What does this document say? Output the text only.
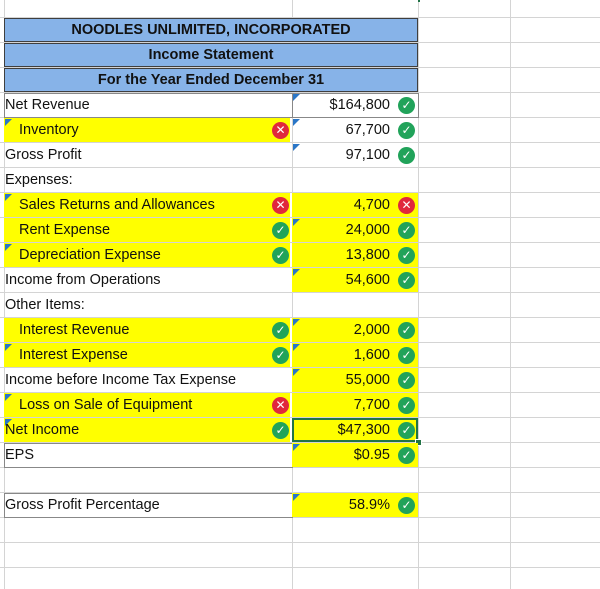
NOODLES UNLIMITED, INCORPORATED
Income Statement
For the Year Ended December 31
Net Revenue	$164,800 ✓
Inventory	✕	67,700 ✓
Gross Profit	97,100 ✓
Expenses:
Sales Returns and Allowances	✕	4,700 ✕
Rent Expense	✓	24,000 ✓
Depreciation Expense	✓	13,800 ✓
Income from Operations	54,600 ✓
Other Items:
Interest Revenue	✓	2,000 ✓
Interest Expense	✓	1,600 ✓
Income before Income Tax Expense	55,000 ✓
Loss on Sale of Equipment	✕	7,700 ✓
Net Income	✓	$47,300 ✓
EPS	$0.95 ✓
Gross Profit Percentage	58.9% ✓
